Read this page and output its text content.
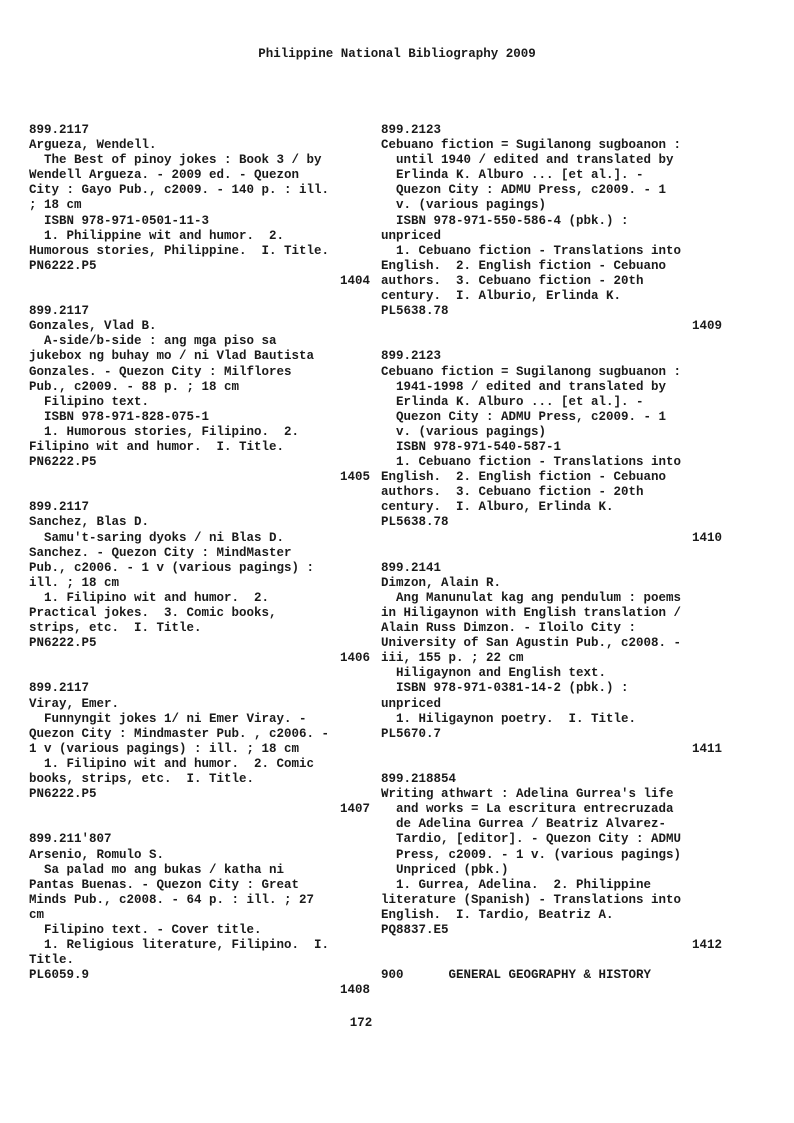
Philippine National Bibliography 2009
899.2117
Argueza, Wendell.
The Best of pinoy jokes : Book 3 / by
Wendell Argueza. - 2009 ed. - Quezon
City : Gayo Pub., c2009. - 140 p. : ill.
; 18 cm
ISBN 978-971-0501-11-3
1. Philippine wit and humor.  2.
Humorous stories, Philippine.  I. Title.
PN6222.P5
1404
899.2117
Gonzales, Vlad B.
A-side/b-side : ang mga piso sa
jukebox ng buhay mo / ni Vlad Bautista
Gonzales. - Quezon City : Milflores
Pub., c2009. - 88 p. ; 18 cm
Filipino text.
ISBN 978-971-828-075-1
1. Humorous stories, Filipino.  2.
Filipino wit and humor.  I. Title.
PN6222.P5
1405
899.2117
Sanchez, Blas D.
Samu't-saring dyoks / ni Blas D.
Sanchez. - Quezon City : MindMaster
Pub., c2006. - 1 v (various pagings) :
ill. ; 18 cm
1. Filipino wit and humor.  2.
Practical jokes.  3. Comic books,
strips, etc.  I. Title.
PN6222.P5
1406
899.2117
Viray, Emer.
Funnyngit jokes 1/ ni Emer Viray. -
Quezon City : Mindmaster Pub. , c2006. -
1 v (various pagings) : ill. ; 18 cm
1. Filipino wit and humor.  2. Comic
books, strips, etc.  I. Title.
PN6222.P5
1407
899.211'807
Arsenio, Romulo S.
Sa palad mo ang bukas / katha ni
Pantas Buenas. - Quezon City : Great
Minds Pub., c2008. - 64 p. : ill. ; 27
cm
Filipino text. - Cover title.
1. Religious literature, Filipino.  I.
Title.
PL6059.9
1408
899.2123
Cebuano fiction = Sugilanong sugboanon :
until 1940 / edited and translated by
Erlinda K. Alburo ... [et al.]. -
Quezon City : ADMU Press, c2009. - 1
v. (various pagings)
ISBN 978-971-550-586-4 (pbk.) :
unpriced
1. Cebuano fiction - Translations into
English.  2. English fiction - Cebuano
authors.  3. Cebuano fiction - 20th
century.  I. Alburio, Erlinda K.
PL5638.78
1409
899.2123
Cebuano fiction = Sugilanong sugbuanon :
1941-1998 / edited and translated by
Erlinda K. Alburo ... [et al.]. -
Quezon City : ADMU Press, c2009. - 1
v. (various pagings)
ISBN 978-971-540-587-1
1. Cebuano fiction - Translations into
English.  2. English fiction - Cebuano
authors.  3. Cebuano fiction - 20th
century.  I. Alburo, Erlinda K.
PL5638.78
1410
899.2141
Dimzon, Alain R.
Ang Manunulat kag ang pendulum : poems
in Hiligaynon with English translation /
Alain Russ Dimzon. - Iloilo City :
University of San Agustin Pub., c2008. -
iii, 155 p. ; 22 cm
Hiligaynon and English text.
ISBN 978-971-0381-14-2 (pbk.) :
unpriced
1. Hiligaynon poetry.  I. Title.
PL5670.7
1411
899.218854
Writing athwart : Adelina Gurrea's life
and works = La escritura entrecruzada
de Adelina Gurrea / Beatriz Alvarez-
Tardio, [editor]. - Quezon City : ADMU
Press, c2009. - 1 v. (various pagings)
Unpriced (pbk.)
1. Gurrea, Adelina.  2. Philippine
literature (Spanish) - Translations into
English.  I. Tardio, Beatriz A.
PQ8837.E5
1412
900      GENERAL GEOGRAPHY & HISTORY
172
